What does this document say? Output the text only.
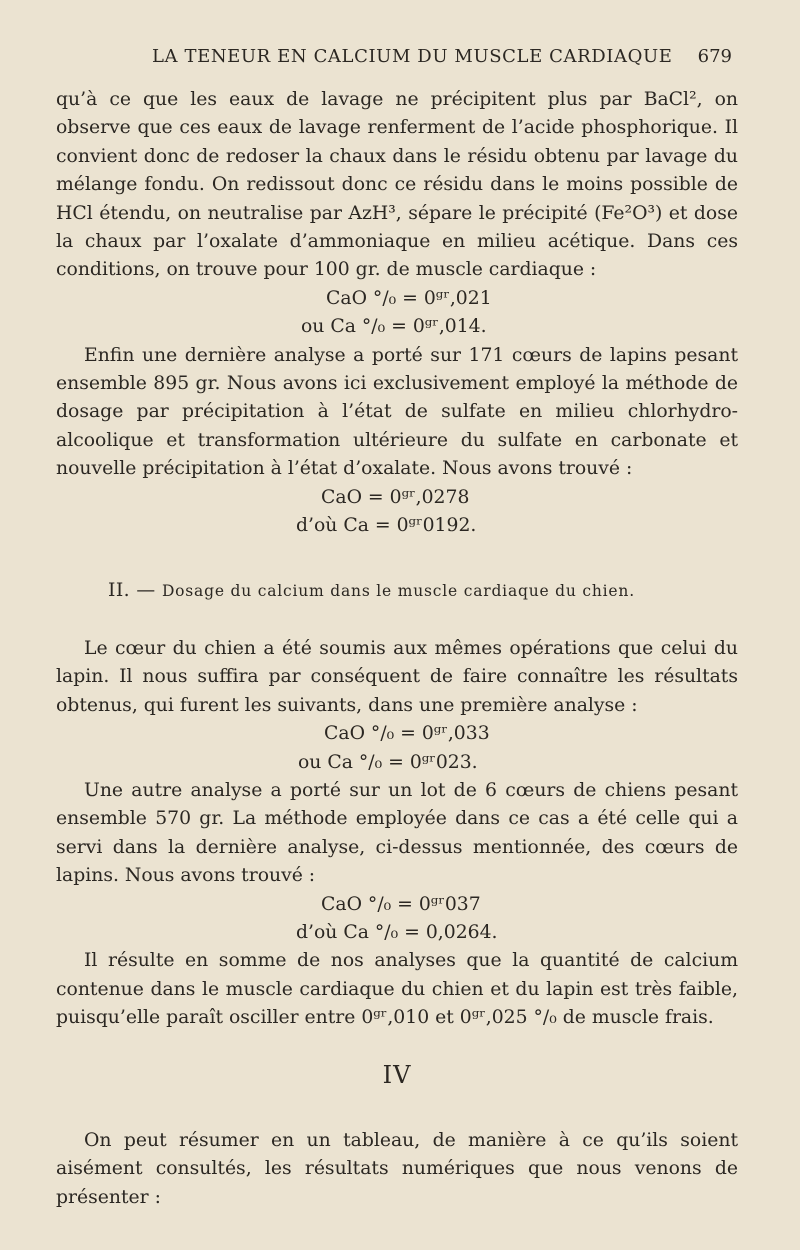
LA TENEUR EN CALCIUM DU MUSCLE CARDIAQUE 679

qu’à ce que les eaux de lavage ne précipitent plus par BaCl², on observe que ces eaux de lavage renferment de l’acide phosphorique. Il convient donc de redoser la chaux dans le résidu obtenu par lavage du mélange fondu. On redissout donc ce résidu dans le moins possible de HCl étendu, on neutralise par AzH³, sépare le précipité (Fe²O³) et dose la chaux par l’oxalate d’ammoniaque en milieu acétique. Dans ces conditions, on trouve pour 100 gr. de muscle cardiaque :

CaO °/₀ = 0ᵍʳ,021
ou Ca °/₀ = 0ᵍʳ,014.

Enfin une dernière analyse a porté sur 171 cœurs de lapins pesant ensemble 895 gr. Nous avons ici exclusivement employé la méthode de dosage par précipitation à l’état de sulfate en milieu chlorhydro-alcoolique et transformation ultérieure du sulfate en carbonate et nouvelle précipitation à l’état d’oxalate. Nous avons trouvé :

CaO = 0ᵍʳ,0278
d’où Ca = 0ᵍʳ0192.
II. — Dosage du calcium dans le muscle cardiaque du chien.

Le cœur du chien a été soumis aux mêmes opérations que celui du lapin. Il nous suffira par conséquent de faire connaître les résultats obtenus, qui furent les suivants, dans une première analyse :

CaO °/₀ = 0ᵍʳ,033
ou Ca °/₀ = 0ᵍʳ023.

Une autre analyse a porté sur un lot de 6 cœurs de chiens pesant ensemble 570 gr. La méthode employée dans ce cas a été celle qui a servi dans la dernière analyse, ci-dessus mentionnée, des cœurs de lapins. Nous avons trouvé :

CaO °/₀ = 0ᵍʳ037
d’où Ca °/₀ = 0,0264.

Il résulte en somme de nos analyses que la quantité de calcium contenue dans le muscle cardiaque du chien et du lapin est très faible, puisqu’elle paraît osciller entre 0ᵍʳ,010 et 0ᵍʳ,025 °/₀ de muscle frais.

IV

On peut résumer en un tableau, de manière à ce qu’ils soient aisément consultés, les résultats numériques que nous venons de présenter :
